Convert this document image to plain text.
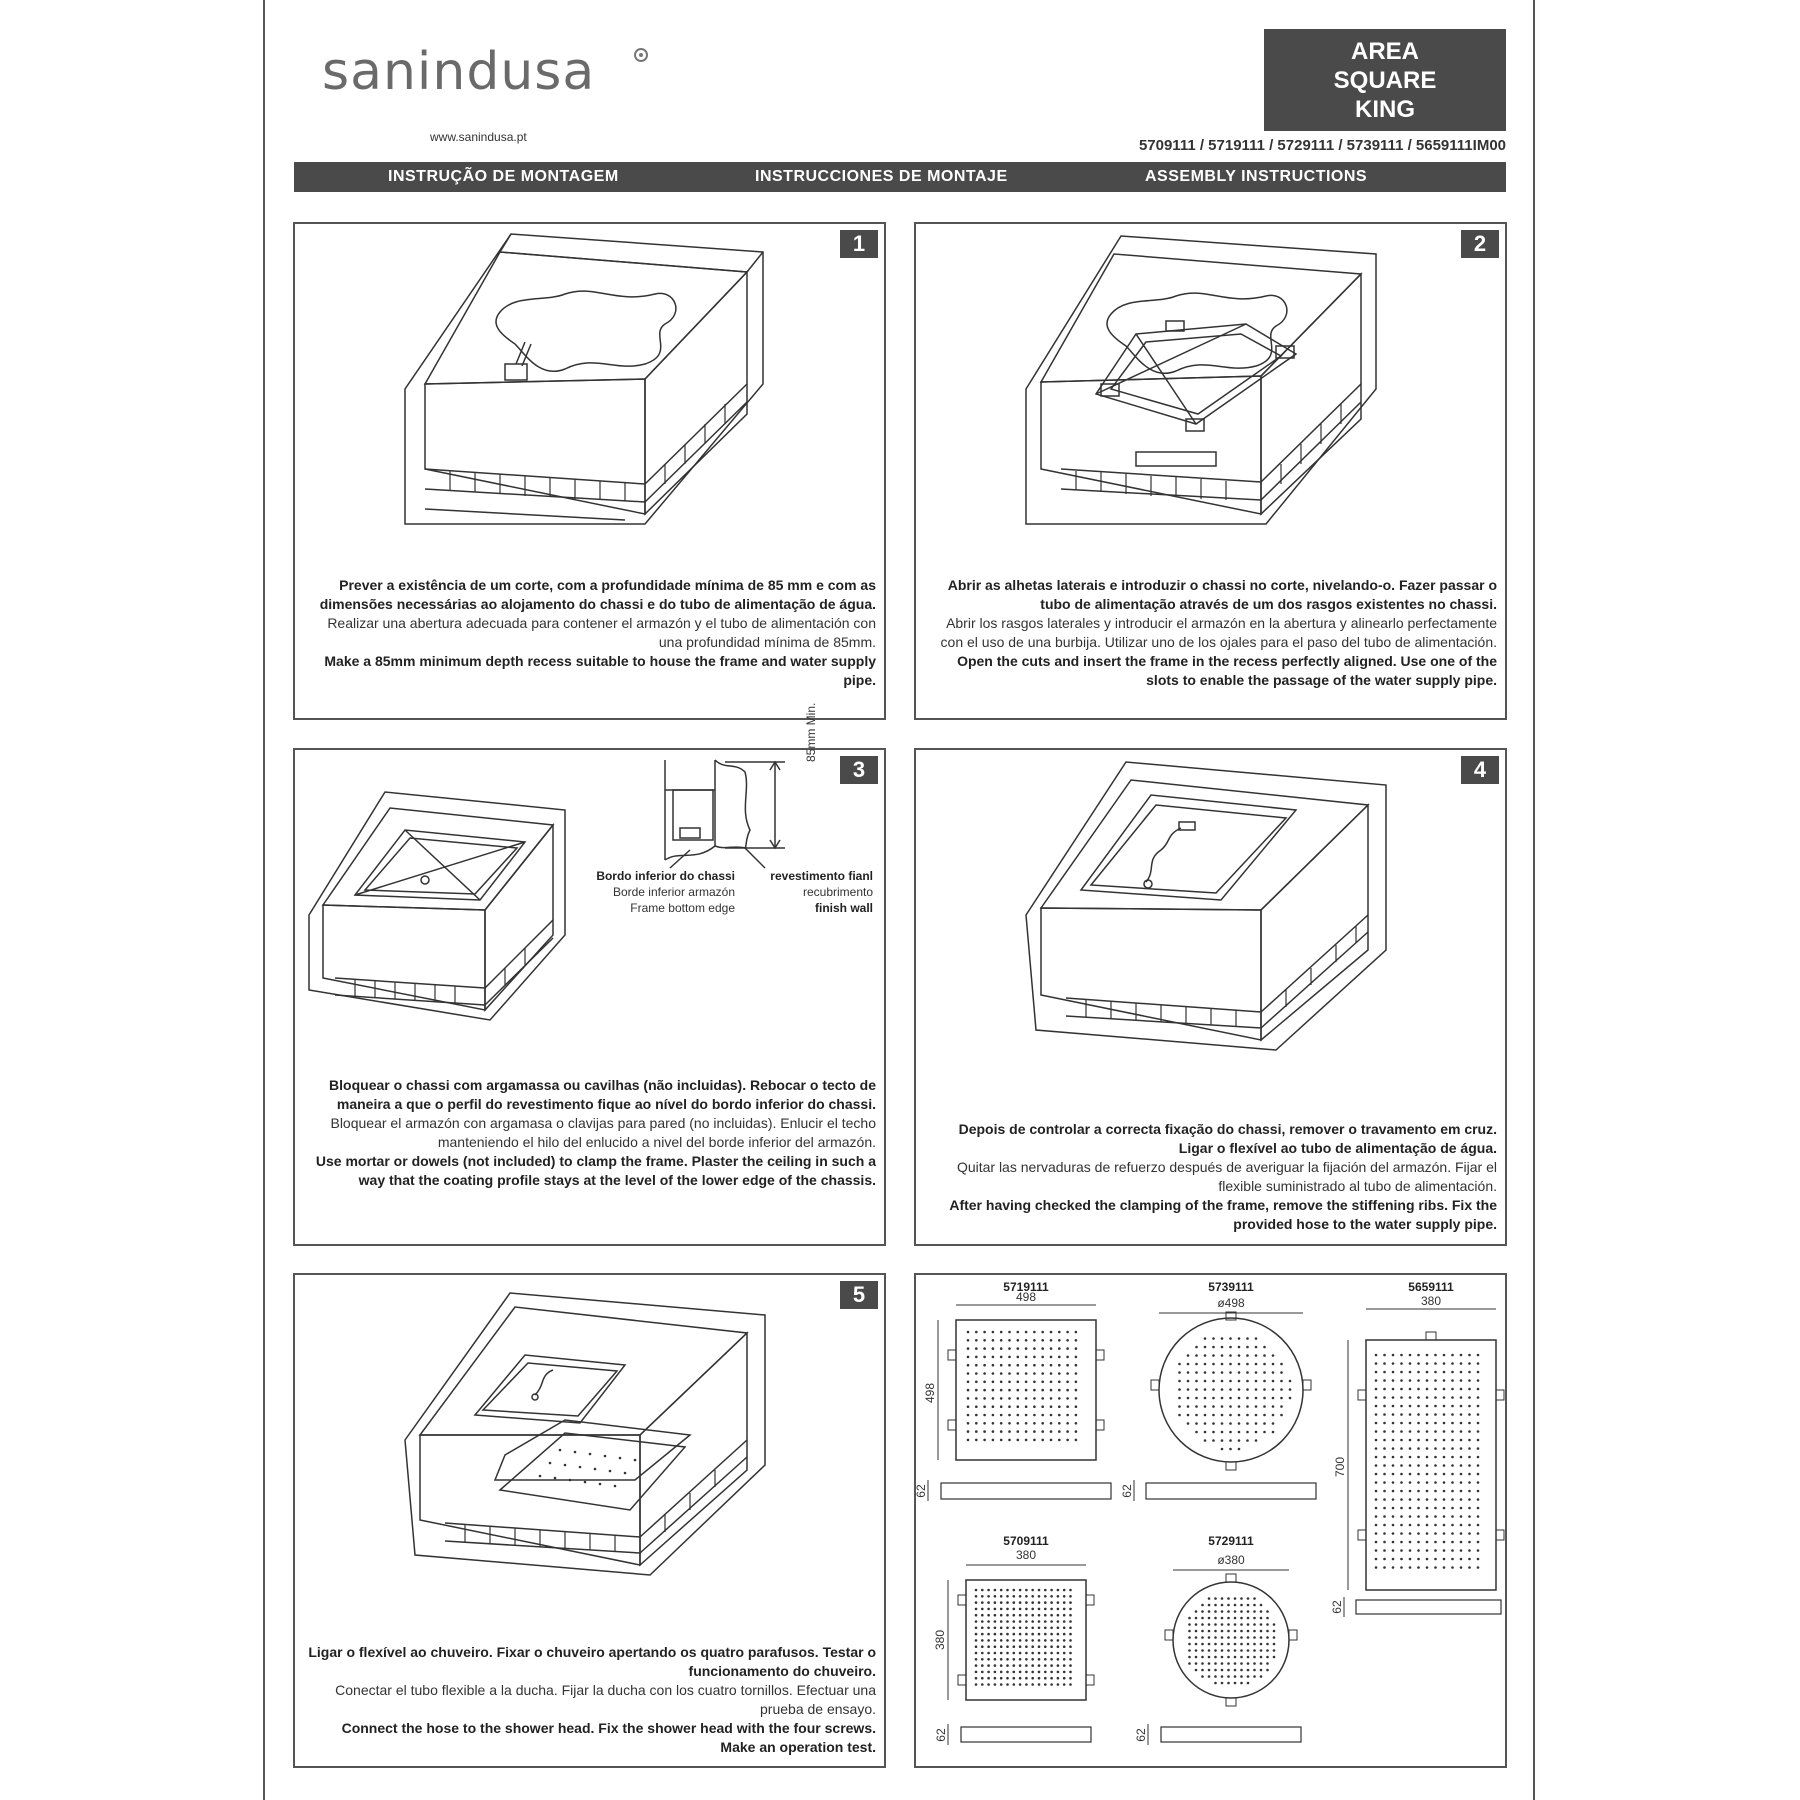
sanindusa
www.sanindusa.pt
AREA
SQUARE
KING
5709111 / 5719111 / 5729111 / 5739111 / 5659111IM00
INSTRUÇÃO DE MONTAGEM	INSTRUCCIONES DE MONTAJE	ASSEMBLY INSTRUCTIONS
1

Prever a existência de um corte, com a profundidade mínima de 85 mm e com as dimensões necessárias ao alojamento do chassi e do tubo de alimentação de água.

Realizar una abertura adecuada para contener el armazón y el tubo de alimentación con una profundidad mínima de 85mm.

Make a 85mm minimum depth recess suitable to house the frame and water supply pipe.

2

Abrir as alhetas laterais e introduzir o chassi no corte, nivelando-o. Fazer passar o tubo de alimentação através de um dos rasgos existentes no chassi.

Abrir los rasgos laterales y introducir el armazón en la abertura y alinearlo perfectamente con el uso de una burbija. Utilizar uno de los ojales para el paso del tubo de alimentación.

Open the cuts and insert the frame in the recess perfectly aligned. Use one of the slots to enable the passage of the water supply pipe.

3
85mm Min.
Bordo inferior do chassi
Borde inferior armazón
Frame bottom edge
revestimento fianl
recubrimento
finish wall

Bloquear o chassi com argamassa ou cavilhas (não incluidas). Rebocar o tecto de maneira a que o perfil do revestimento fique ao nível do bordo inferior do chassi.

Bloquear el armazón con argamasa o clavijas para pared (no incluidas). Enlucir el techo manteniendo el hilo del enlucido a nivel del borde inferior del armazón.

Use mortar or dowels (not included) to clamp the frame. Plaster the ceiling in such a way that the coating profile stays at the level of the lower edge of the chassis.

4

Depois de controlar a correcta fixação do chassi, remover o travamento em cruz. Ligar o flexível ao tubo de alimentação de água.

Quitar las nervaduras de refuerzo después de averiguar la fijación del armazón. Fijar el flexible suministrado al tubo de alimentación.

After having checked the clamping of the frame, remove the stiffening ribs. Fix the provided hose to the water supply pipe.

5

Ligar o flexível ao chuveiro. Fixar o chuveiro apertando os quatro parafusos. Testar o funcionamento do chuveiro.

Conectar el tubo flexible a la ducha. Fijar la ducha con los cuatro tornillos. Efectuar una prueba de ensayo.

Connect the hose to the shower head. Fix the shower head with the four screws. Make an operation test.

5719111
498
498
62
5739111
ø498
62
5659111
380
700
62
5709111
380
380
62
5729111
ø380
62
